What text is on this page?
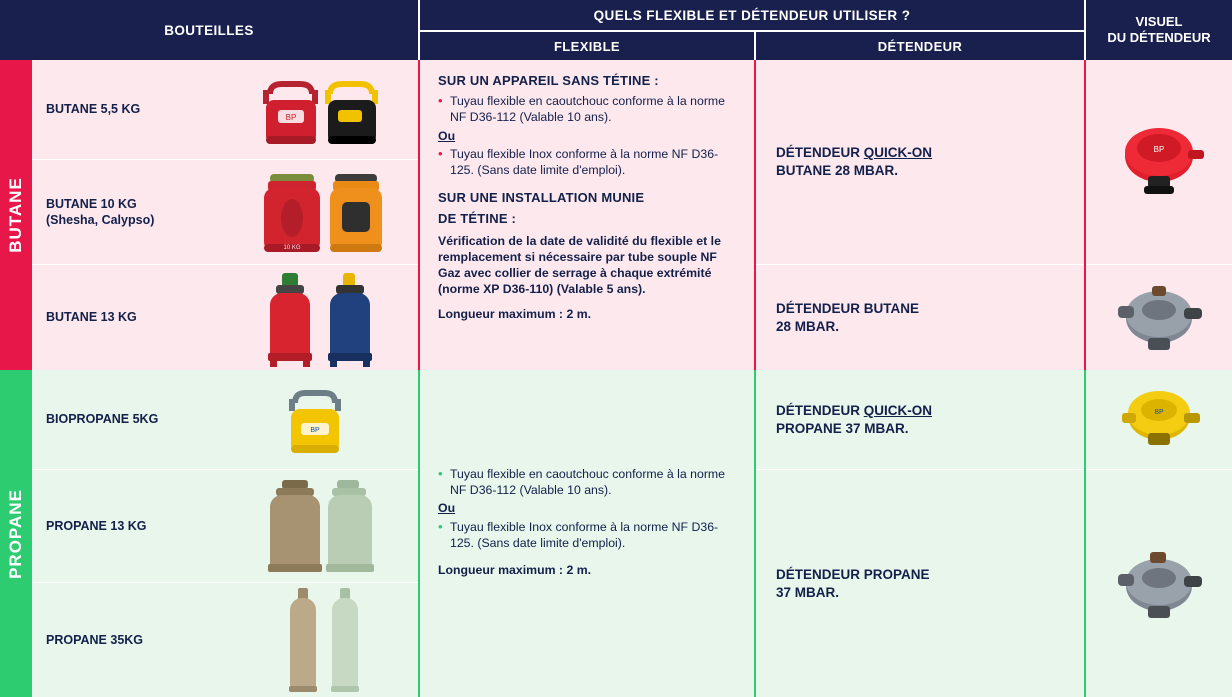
BOUTEILLES
QUELS FLEXIBLE ET DÉTENDEUR UTILISER ?
FLEXIBLE	DÉTENDEUR
VISUEL
DU DÉTENDEUR
BUTANE
PROPANE
BUTANE 5,5 KG
BUTANE 10 KG
(Shesha, Calypso)
BUTANE 13 KG
BP
10 KG
SUR UN APPAREIL SANS TÉTINE :
• Tuyau flexible en caoutchouc conforme à la norme NF D36-112 (Valable 10 ans).
Ou
• Tuyau flexible Inox conforme à la norme NF D36-125. (Sans date limite d'emploi).
SUR UNE INSTALLATION MUNIE
DE TÉTINE :

Vérification de la date de validité du flexible et le remplacement si nécessaire par tube souple NF Gaz avec collier de serrage à chaque extrémité (norme XP D36-110) (Valable 5 ans).

Longueur maximum : 2 m.

DÉTENDEUR QUICK-ON
BUTANE 28 MBAR.
DÉTENDEUR BUTANE
28 MBAR.
BP
BIOPROPANE 5KG
PROPANE 13 KG
PROPANE 35KG
BP
• Tuyau flexible en caoutchouc conforme à la norme NF D36-112 (Valable 10 ans).
Ou
• Tuyau flexible Inox conforme à la norme NF D36-125. (Sans date limite d'emploi).

Longueur maximum : 2 m.

DÉTENDEUR QUICK-ON
PROPANE 37 MBAR.
DÉTENDEUR PROPANE
37 MBAR.
BP
